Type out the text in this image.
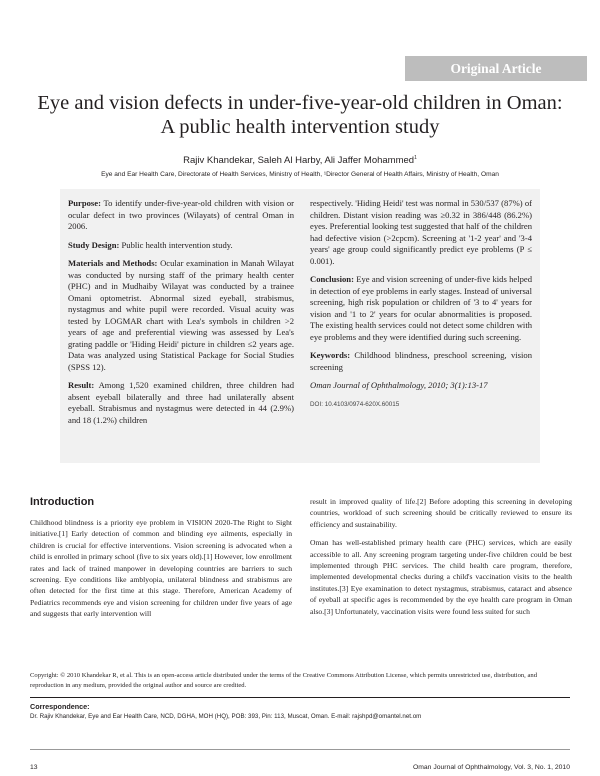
Original Article
Eye and vision defects in under-five-year-old children in Oman: A public health intervention study
Rajiv Khandekar, Saleh Al Harby, Ali Jaffer Mohammed$^1$
Eye and Ear Health Care, Directorate of Health Services, Ministry of Health, ¹Director General of Health Affairs, Ministry of Health, Oman

Purpose: To identify under-five-year-old children with vision or ocular defect in two provinces (Wilayats) of central Oman in 2006.

Study Design: Public health intervention study.

Materials and Methods: Ocular examination in Manah Wilayat was conducted by nursing staff of the primary health center (PHC) and in Mudhaiby Wilayat was conducted by a trainee Omani optometrist. Abnormal sized eyeball, strabismus, nystagmus and white pupil were recorded. Visual acuity was tested by LOGMAR chart with Lea's symbols in children >2 years of age and preferential viewing was assessed by Lea's grating paddle or 'Hiding Heidi' picture in children ≤2 years age. Data was analyzed using Statistical Package for Social Studies (SPSS 12).

Result: Among 1,520 examined children, three children had absent eyeball bilaterally and three had unilaterally absent eyeball. Strabismus and nystagmus were detected in 44 (2.9%) and 18 (1.2%) children

respectively. 'Hiding Heidi' test was normal in 530/537 (87%) of children. Distant vision reading was ≥0.32 in 386/448 (86.2%) eyes. Preferential looking test suggested that half of the children had defective vision (>2cpcm). Screening at '1-2 year' and '3-4 years' age group could significantly predict eye problems (P ≤ 0.001).

Conclusion: Eye and vision screening of under-five kids helped in detection of eye problems in early stages. Instead of universal screening, high risk population or children of '3 to 4' years for vision and '1 to 2' years for ocular abnormalities is proposed. The existing health services could not detect some children with eye problems and they were identified during such screening.

Keywords: Childhood blindness, preschool screening, vision screening

Oman Journal of Ophthalmology, 2010; 3(1):13-17

DOI: 10.4103/0974-620X.60015

Introduction

Childhood blindness is a priority eye problem in VISION 2020-The Right to Sight initiative.[1] Early detection of common and blinding eye ailments, especially in children is crucial for effective interventions. Vision screening is advocated when a child is enrolled in primary school (five to six years old).[1] However, low enrollment rates and lack of trained manpower in developing countries are barriers to such screening. Eye conditions like amblyopia, unilateral blindness and strabismus are often detected for the first time at this stage. Therefore, American Academy of Pediatrics recommends eye and vision screening for children under five years of age and suggests that early intervention will

result in improved quality of life.[2] Before adopting this screening in developing countries, workload of such screening should be critically reviewed to ensure its efficiency and sustainability.

Oman has well-established primary health care (PHC) services, which are easily accessible to all. Any screening program targeting under-five children could be best implemented through PHC services. The child health care program, therefore, implemented developmental checks during a child's vaccination visits to the health institutes.[3] Eye examination to detect nystagmus, strabismus, cataract and absence of eyeball at specific ages is recommended by the eye health care program in Oman also.[3] Unfortunately, vaccination visits were found less suited for such

Copyright: © 2010 Khandekar R, et al. This is an open-access article distributed under the terms of the Creative Commons Attribution License, which permits unrestricted use, distribution, and reproduction in any medium, provided the original author and source are credited.
Correspondence:
Dr. Rajiv Khandekar, Eye and Ear Health Care, NCD, DGHA, MOH (HQ), POB: 393, Pin: 113, Muscat, Oman. E-mail: rajshpd@omantel.net.om
13	Oman Journal of Ophthalmology, Vol. 3, No. 1, 2010
